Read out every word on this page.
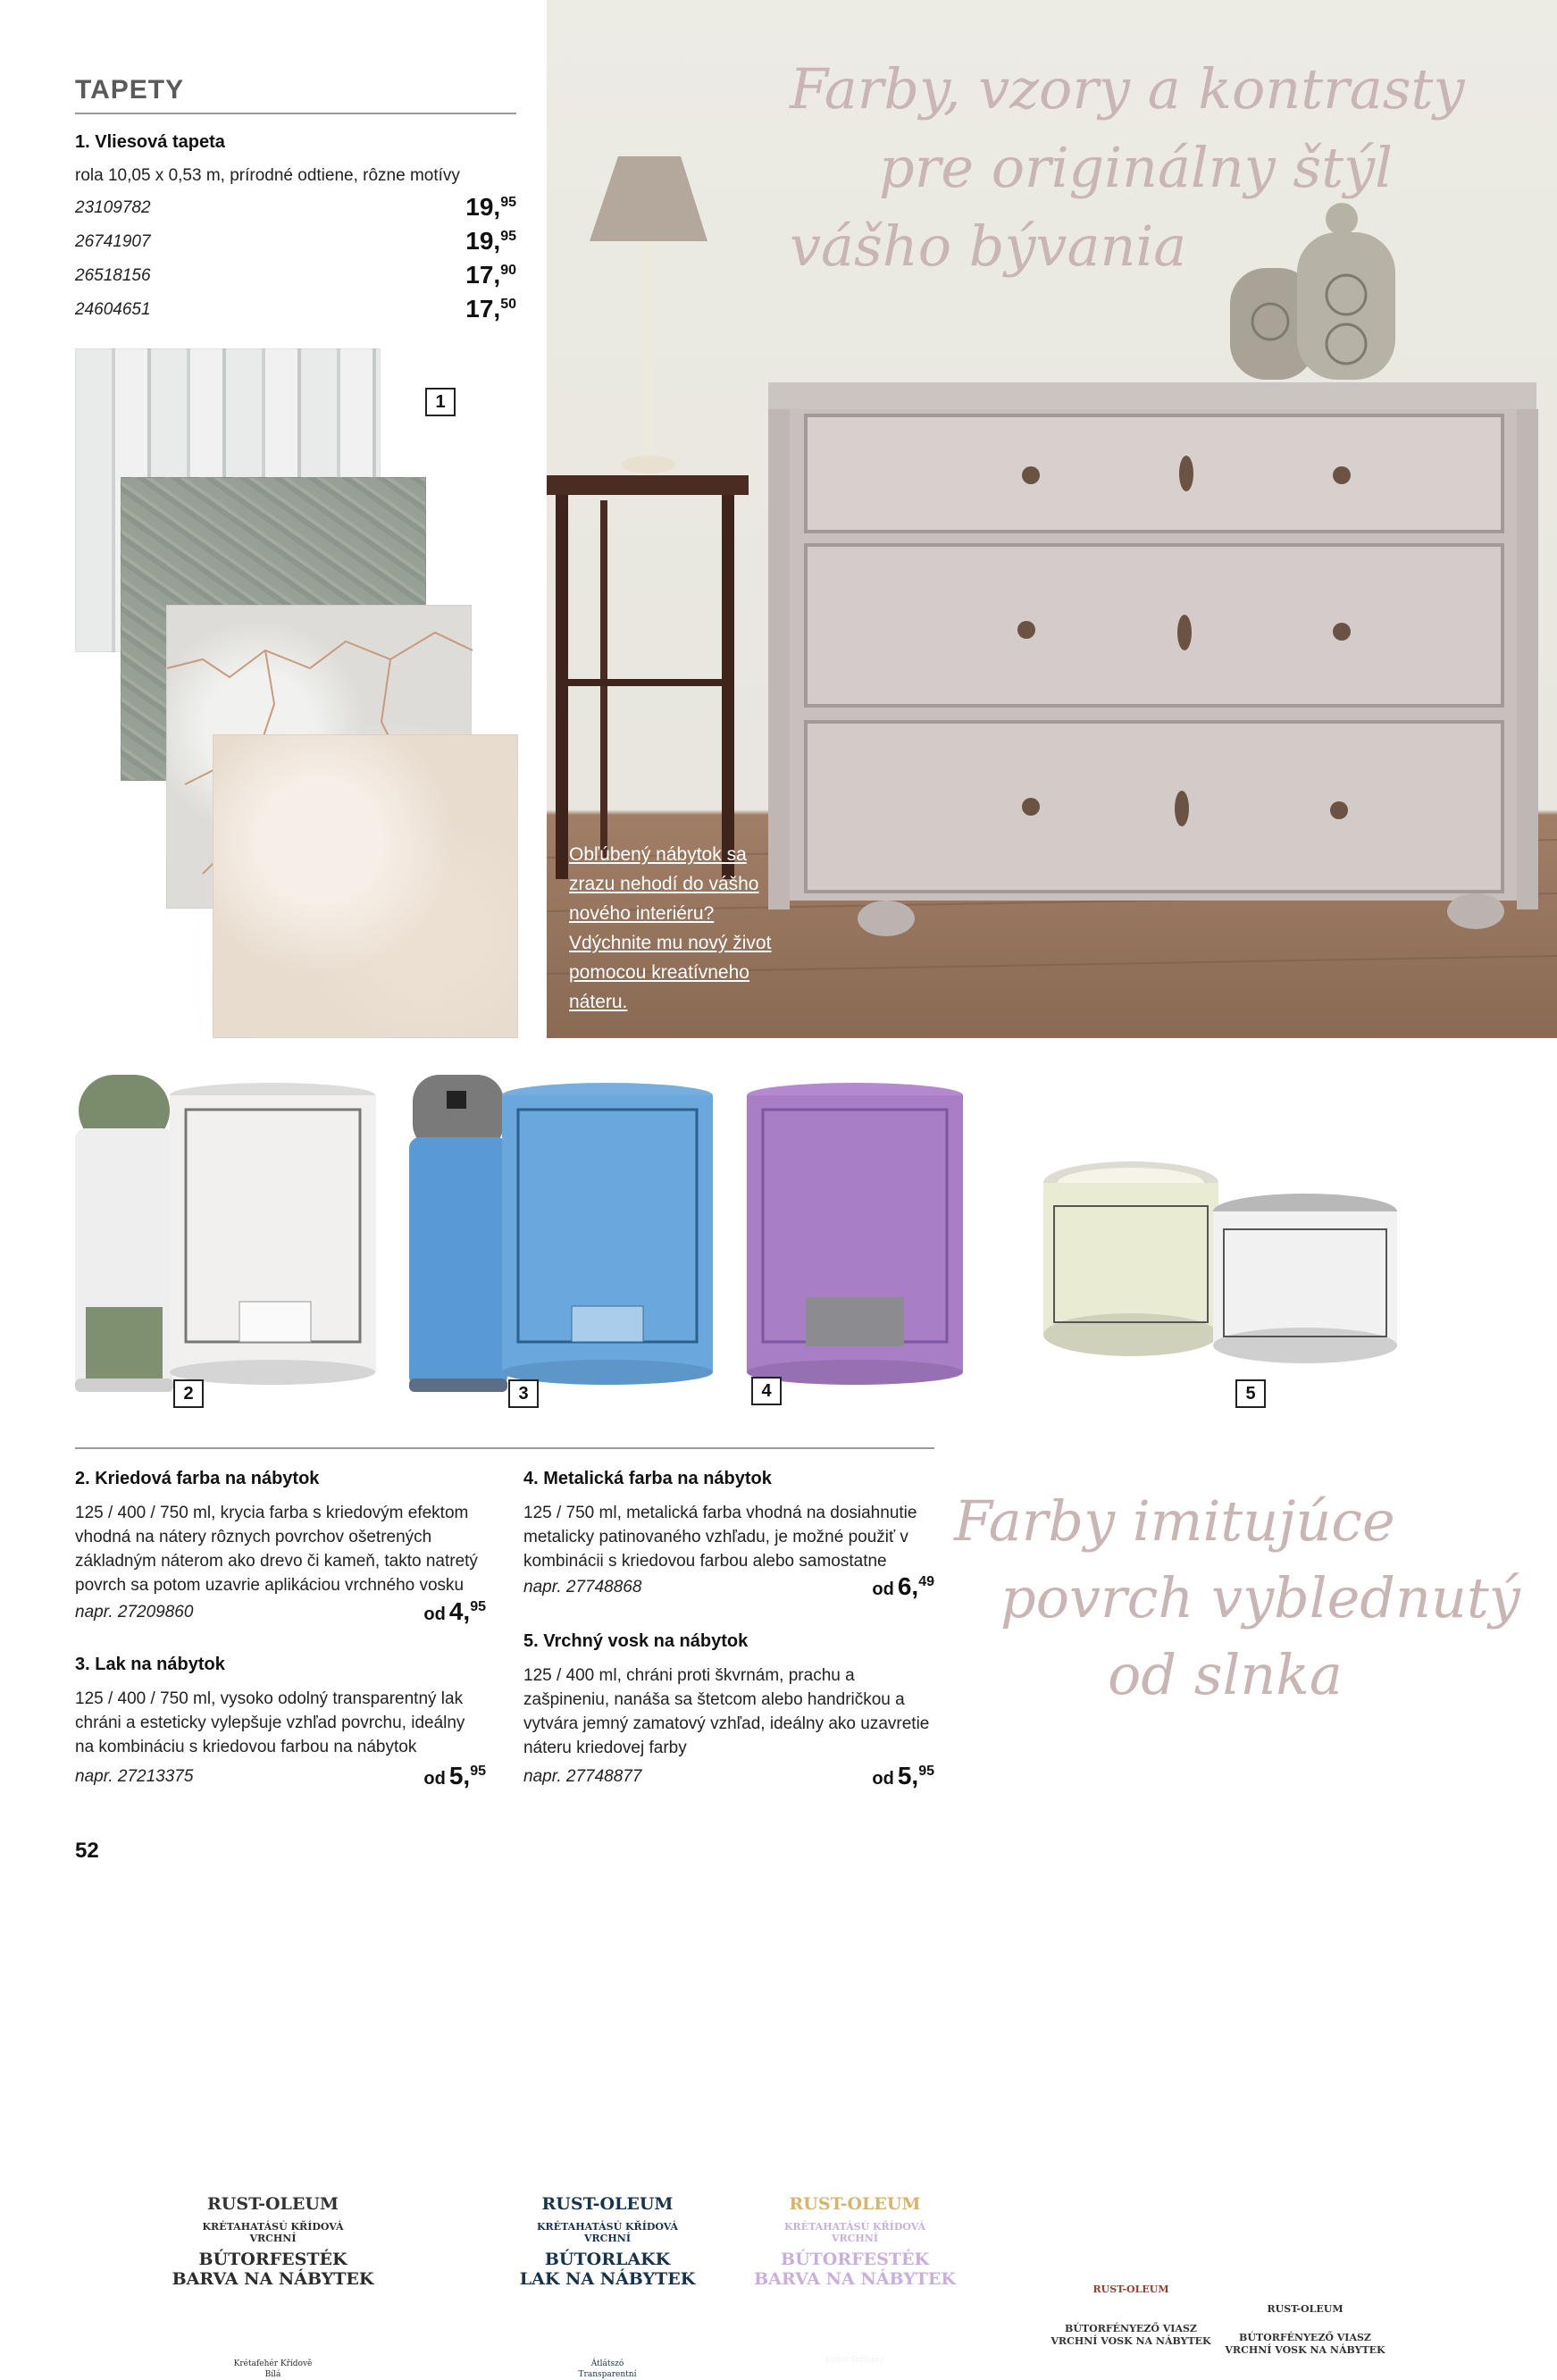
TAPETY
1. Vliesová tapeta
rola 10,05 x 0,53 m, prírodné odtiene, rôzne motívy
23109782	19,95
26741907	19,95
26518156	17,90
24604651	17,50
1
Farby, vzory a kontrasty
pre originálny štýl
vášho bývania
Obľúbený nábytok sa zrazu nehodí do vášho nového interiéru? Vdýchnite mu nový život pomocou kreatívneho náteru.
RUST-OLEUM
KRÉTAHATÁSÚ KŘÍDOVÁ VRCHNÍ
BÚTORFESTÉK
BARVA NA NÁBYTEK
Krétafehér Křídově Bílá
RUST-OLEUM
KRÉTAHATÁSÚ KŘÍDOVÁ VRCHNÍ
BÚTORLAKK
LAK NA NÁBYTEK
Átlátszó Transparentní
RUST-OLEUM
KRÉTAHATÁSÚ KŘÍDOVÁ VRCHNÍ
BÚTORFESTÉK
BARVA NA NÁBYTEK
Ezüst Stříbrný
RUST-OLEUM
BÚTORFÉNYEZŐ VIASZ
VRCHNÍ VOSK NA NÁBYTEK
RUST-OLEUM
BÚTORFÉNYEZŐ VIASZ
VRCHNÍ VOSK NA NÁBYTEK
2	3	4	5
2. Kriedová farba na nábytok
125 / 400 / 750 ml, krycia farba s kriedovým efektom vhodná na nátery rôznych povrchov ošetrených základným náterom ako drevo či kameň, takto natretý povrch sa potom uzavrie aplikáciou vrchného vosku
napr. 27209860	od 4,95
3. Lak na nábytok
125 / 400 / 750 ml, vysoko odolný transparentný lak chráni a esteticky vylepšuje vzhľad povrchu, ideálny na kombináciu s kriedovou farbou na nábytok
napr. 27213375	od 5,95
4. Metalická farba na nábytok
125 / 750 ml, metalická farba vhodná na dosiahnutie metalicky patinovaného vzhľadu, je možné použiť v kombinácii s kriedovou farbou alebo samostatne
napr. 27748868	od 6,49
5. Vrchný vosk na nábytok
125 / 400 ml, chráni proti škvrnám, prachu a zašpineniu, nanáša sa štetcom alebo handričkou a vytvára jemný zamatový vzhľad, ideálny ako uzavretie náteru kriedovej farby
napr. 27748877	od 5,95
Farby imitujúce
povrch vyblednutý
od slnka
52
